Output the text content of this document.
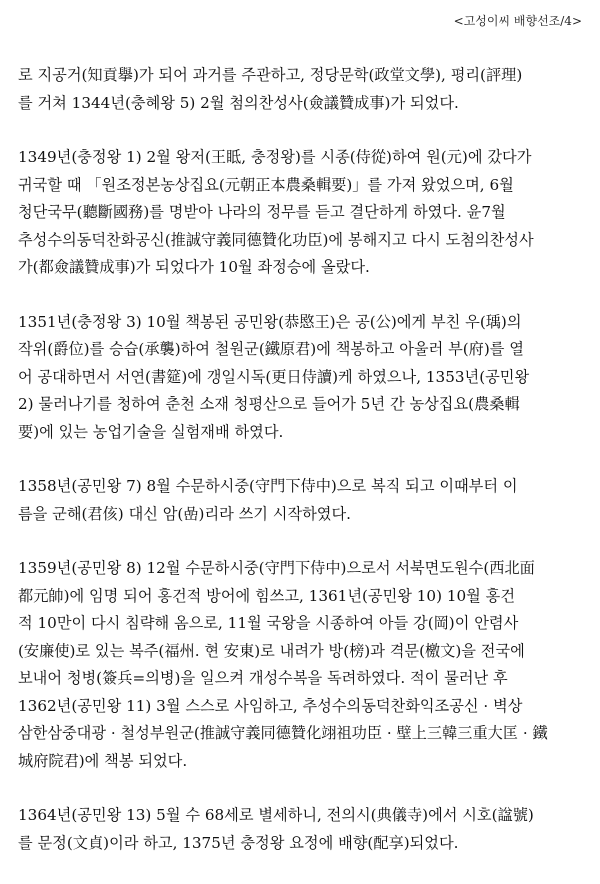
<고성이씨 배향선조/4>

로 지공거(知貢擧)가 되어 과거를 주관하고, 정당문학(政堂文學), 평리(評理)
를 거쳐 1344년(충혜왕 5) 2월 첨의찬성사(僉議贊成事)가 되었다.

1349년(충정왕 1) 2월 왕저(王眡, 충정왕)를 시종(侍從)하여 원(元)에 갔다가
귀국할 때 「원조정본농상집요(元朝正本農桑輯要)」를 가져 왔었으며, 6월
청단국무(聽斷國務)를 명받아 나라의 정무를 듣고 결단하게 하였다. 윤7월
추성수의동덕찬화공신(推誠守義同德贊化功臣)에 봉해지고 다시 도첨의찬성사
가(都僉議贊成事)가 되었다가 10월 좌정승에 올랐다.

1351년(충정왕 3) 10월 책봉된 공민왕(恭愍王)은 공(公)에게 부친 우(瑀)의
작위(爵位)를 승습(承襲)하여 철원군(鐵原君)에 책봉하고 아울러 부(府)를 열
어 공대하면서 서연(書筵)에 갱일시독(更日侍讀)케 하였으나, 1353년(공민왕
2) 물러나기를 청하여 춘천 소재 청평산으로 들어가 5년 간 농상집요(農桑輯
要)에 있는 농업기술을 실험재배 하였다.

1358년(공민왕 7) 8월 수문하시중(守門下侍中)으로 복직 되고 이때부터 이
름을 군해(君侅) 대신 암(嵒)리라 쓰기 시작하였다.

1359년(공민왕 8) 12월 수문하시중(守門下侍中)으로서 서북면도원수(西北面
都元帥)에 임명 되어 홍건적 방어에 힘쓰고, 1361년(공민왕 10) 10월 홍건
적 10만이 다시 침략해 옴으로, 11월 국왕을 시종하여 아들 강(岡)이 안렴사
(安廉使)로 있는 복주(福州. 현 安東)로 내려가 방(榜)과 격문(檄文)을 전국에
보내어 청병(簽兵=의병)을 일으켜 개성수복을 독려하였다. 적이 물러난 후
1362년(공민왕 11) 3월 스스로 사임하고, 추성수의동덕찬화익조공신 · 벽상
삼한삼중대광 · 철성부원군(推誠守義同德贊化翊祖功臣 · 壁上三韓三重大匡 · 鐵
城府院君)에 책봉 되었다.

1364년(공민왕 13) 5월 수 68세로 별세하니, 전의시(典儀寺)에서 시호(諡號)
를 문정(文貞)이라 하고, 1375년 충정왕 요정에 배향(配享)되었다.
